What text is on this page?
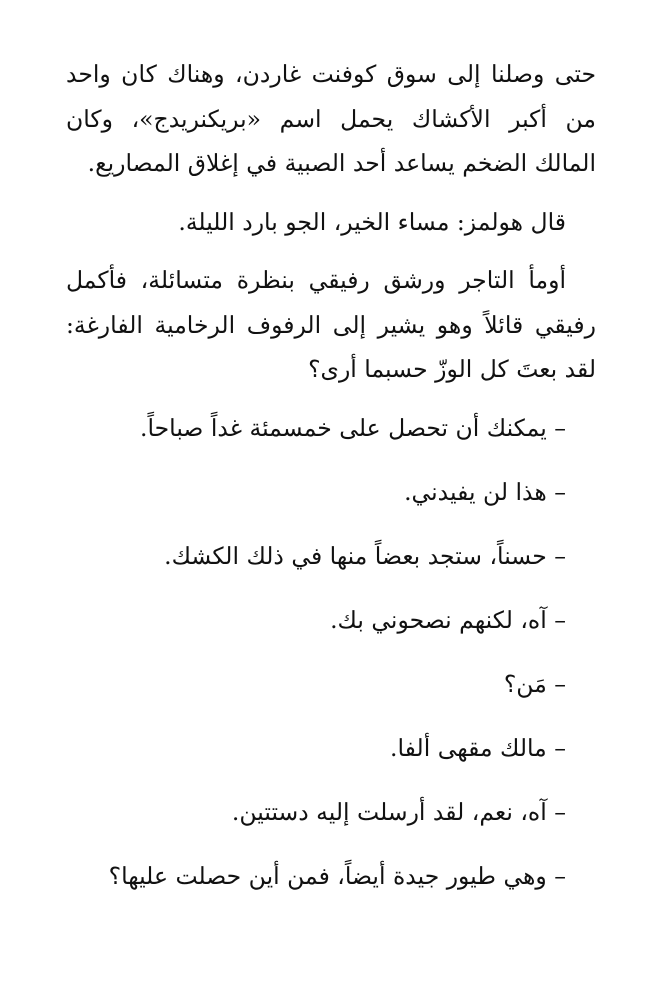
حتى وصلنا إلى سوق كوفنت غاردن، وهناك كان واحد من أكبر الأكشاك يحمل اسم «بريكنريدج»، وكان المالك الضخم يساعد أحد الصبية في إغلاق المصاريع.

قال هولمز: مساء الخير، الجو بارد الليلة.

أومأ التاجر ورشق رفيقي بنظرة متسائلة، فأكمل رفيقي قائلاً وهو يشير إلى الرفوف الرخامية الفارغة: لقد بعتَ كل الوزّ حسبما أرى؟

– يمكنك أن تحصل على خمسمئة غداً صباحاً.

– هذا لن يفيدني.

– حسناً، ستجد بعضاً منها في ذلك الكشك.

– آه، لكنهم نصحوني بك.

– مَن؟

– مالك مقهى ألفا.

– آه، نعم، لقد أرسلت إليه دستتين.

– وهي طيور جيدة أيضاً، فمن أين حصلت عليها؟
